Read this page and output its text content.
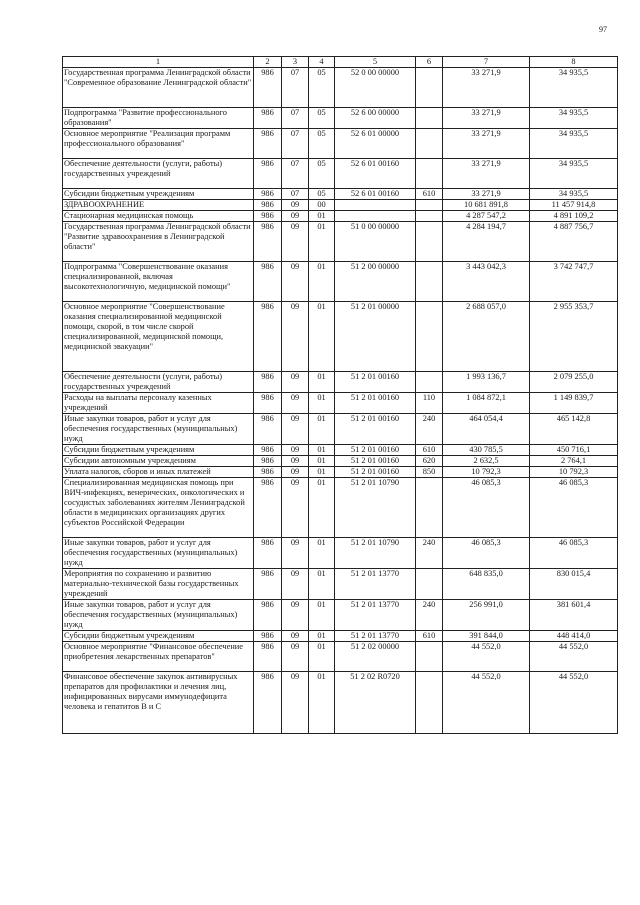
97
1	2	3	4	5	6	7	8
Государственная программа Ленинградской области "Современное образование Ленинградской области"	986	07	05	52 0 00 00000		33 271,9	34 935,5
Подпрограмма "Развитие профессионального образования"	986	07	05	52 6 00 00000		33 271,9	34 935,5
Основное мероприятие "Реализация программ профессионального образования"	986	07	05	52 6 01 00000		33 271,9	34 935,5
Обеспечение деятельности (услуги, работы) государственных учреждений	986	07	05	52 6 01 00160		33 271,9	34 935,5
Субсидии бюджетным учреждениям	986	07	05	52 6 01 00160	610	33 271,9	34 935,5
ЗДРАВООХРАНЕНИЕ	986	09	00			10 681 891,8	11 457 914,8
Стационарная медицинская помощь	986	09	01			4 287 547,2	4 891 109,2
Государственная программа Ленинградской области "Развитие здравоохранения в Ленинградской области"	986	09	01	51 0 00 00000		4 284 194,7	4 887 756,7
Подпрограмма "Совершенствование оказания специализированной, включая высокотехнологичную, медицинской помощи"	986	09	01	51 2 00 00000		3 443 042,3	3 742 747,7
Основное мероприятие "Совершенствование оказания специализированной медицинской помощи, скорой, в том числе скорой специализированной, медицинской помощи, медицинской эвакуации"	986	09	01	51 2 01 00000		2 688 057,0	2 955 353,7
Обеспечение деятельности (услуги, работы) государственных учреждений	986	09	01	51 2 01 00160		1 993 136,7	2 079 255,0
Расходы на выплаты персоналу казенных учреждений	986	09	01	51 2 01 00160	110	1 084 872,1	1 149 839,7
Иные закупки товаров, работ и услуг для обеспечения государственных (муниципальных) нужд	986	09	01	51 2 01 00160	240	464 054,4	465 142,8
Субсидии бюджетным учреждениям	986	09	01	51 2 01 00160	610	430 785,5	450 716,1
Субсидии автономным учреждениям	986	09	01	51 2 01 00160	620	2 632,5	2 764,1
Уплата налогов, сборов и иных платежей	986	09	01	51 2 01 00160	850	10 792,3	10 792,3
Специализированная медицинская помощь при ВИЧ-инфекциях, венерических, онкологических и сосудистых заболеваниях жителям Ленинградской области в медицинских организациях других субъектов Российской Федерации	986	09	01	51 2 01 10790		46 085,3	46 085,3
Иные закупки товаров, работ и услуг для обеспечения государственных (муниципальных) нужд	986	09	01	51 2 01 10790	240	46 085,3	46 085,3
Мероприятия по сохранению и развитию материально-технической базы государственных учреждений	986	09	01	51 2 01 13770		648 835,0	830 015,4
Иные закупки товаров, работ и услуг для обеспечения государственных (муниципальных) нужд	986	09	01	51 2 01 13770	240	256 991,0	381 601,4
Субсидии бюджетным учреждениям	986	09	01	51 2 01 13770	610	391 844,0	448 414,0
Основное мероприятие "Финансовое обеспечение приобретения лекарственных препаратов"	986	09	01	51 2 02 00000		44 552,0	44 552,0
Финансовое обеспечение закупок антивирусных препаратов для профилактики и лечения лиц, инфицированных вирусами иммунодефицита человека и гепатитов В и С	986	09	01	51 2 02 R0720		44 552,0	44 552,0
